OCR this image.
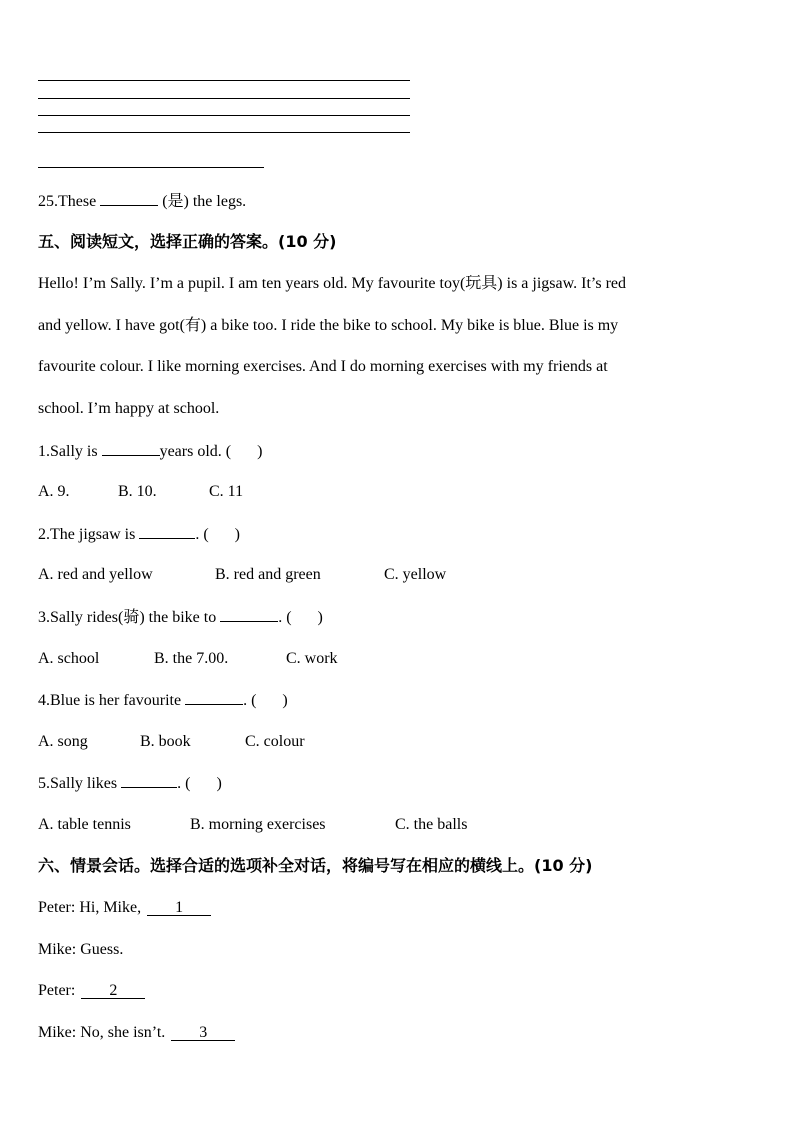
25.These	(是) the legs.
五、阅读短文，选择正确的答案。(10 分)
Hello! I’m Sally. I’m a pupil. I am ten years old. My favourite toy(玩具) is a jigsaw. It’s red
and yellow. I have got(有) a bike too. I ride the bike to school. My bike is blue. Blue is my
favourite colour. I like morning exercises. And I do morning exercises with my friends at
school. I’m happy at school.
1.Sally is	years old. ( )
A. 9.	B. 10.	C. 11
2.The jigsaw is	. ( )
A. red and yellow	B. red and green	C. yellow
3.Sally rides(骑) the bike to	. ( )
A. school	B. the 7.00.	C. work
4.Blue is her favourite	. ( )
A. song	B. book	C. colour
5.Sally likes	. ( )
A. table tennis	B. morning exercises	C. the balls
六、情景会话。选择合适的选项补全对话，将编号写在相应的横线上。(10 分)
Peter: Hi, Mike, 1
Mike: Guess.
Peter: 2
Mike: No, she isn’t. 3
